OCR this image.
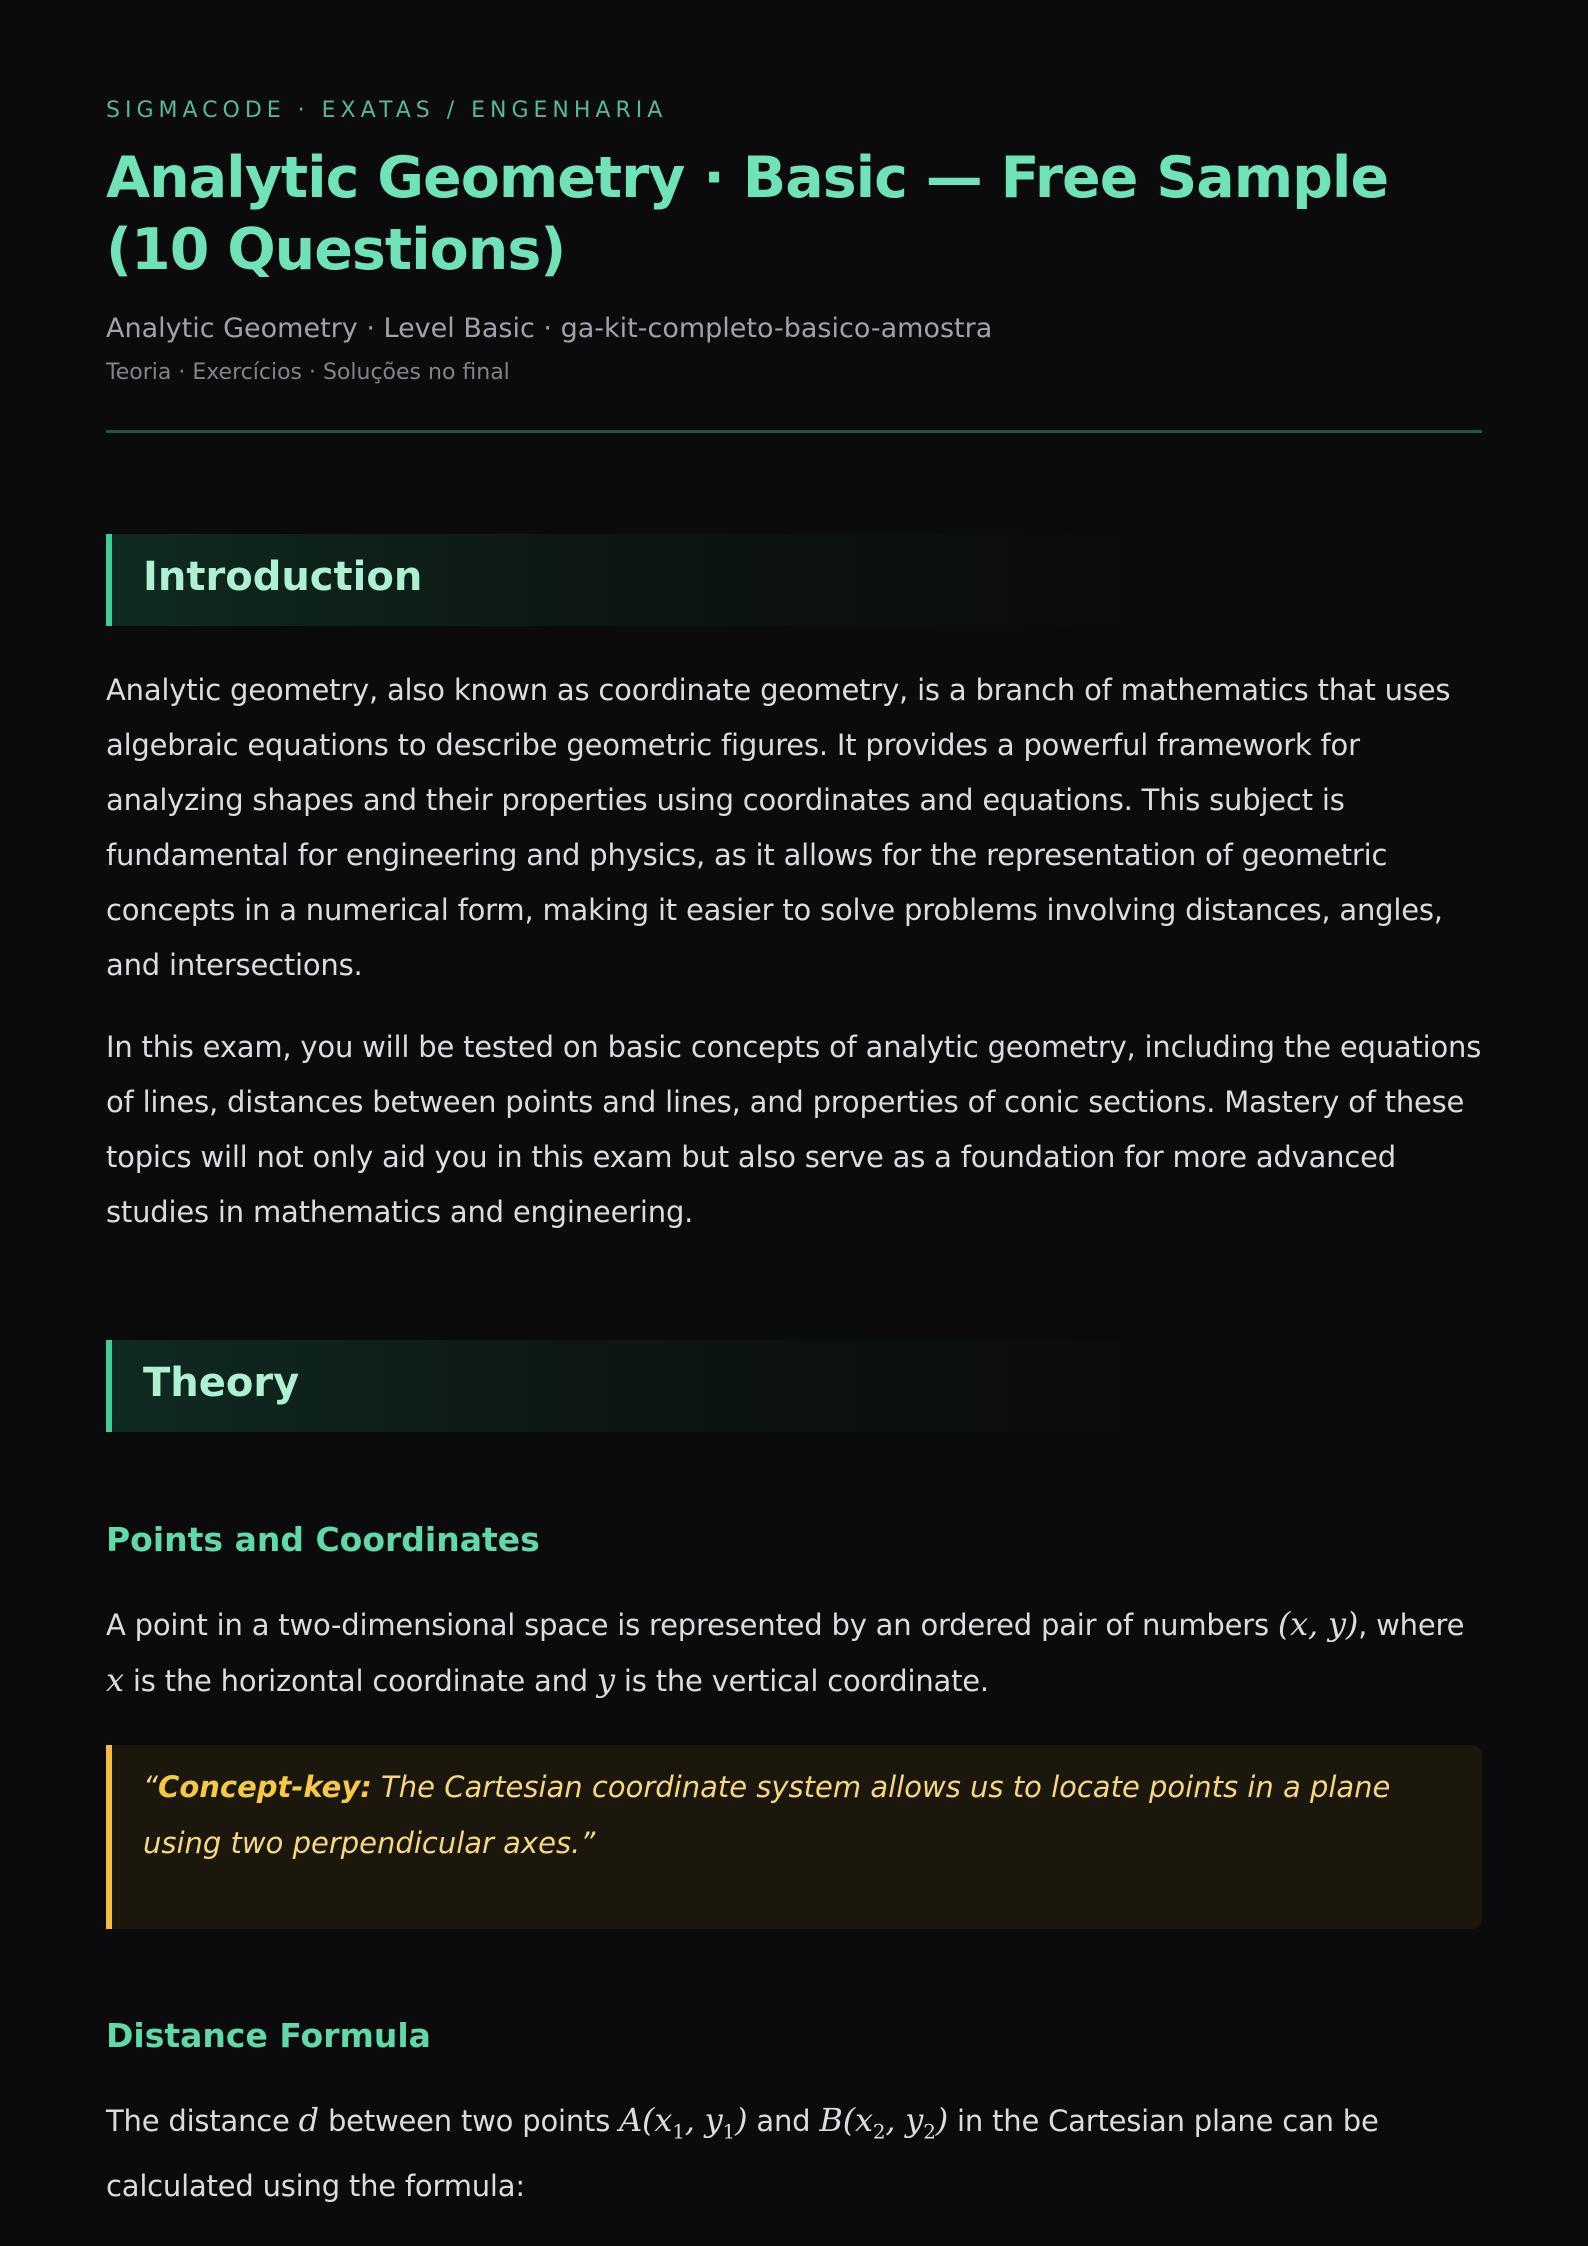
SIGMACODE · EXATAS / ENGENHARIA
Analytic Geometry · Basic — Free Sample (10 Questions)
Analytic Geometry · Level Basic · ga-kit-completo-basico-amostra
Teoria · Exercícios · Soluções no final
Introduction

Analytic geometry, also known as coordinate geometry, is a branch of mathematics that uses algebraic equations to describe geometric figures. It provides a powerful framework for analyzing shapes and their properties using coordinates and equations. This subject is fundamental for engineering and physics, as it allows for the representation of geometric concepts in a numerical form, making it easier to solve problems involving distances, angles, and intersections.

In this exam, you will be tested on basic concepts of analytic geometry, including the equations of lines, distances between points and lines, and properties of conic sections. Mastery of these topics will not only aid you in this exam but also serve as a foundation for more advanced studies in mathematics and engineering.

Theory
Points and Coordinates

A point in a two-dimensional space is represented by an ordered pair of numbers (x, y), where
x is the horizontal coordinate and y is the vertical coordinate.

“Concept-key: The Cartesian coordinate system allows us to locate points in a plane using two perpendicular axes.”

Distance Formula

The distance d between two points $A(x_1$, $y_1$) and $B(x_2$, $y_2$) in the Cartesian plane can be calculated using the formula:
